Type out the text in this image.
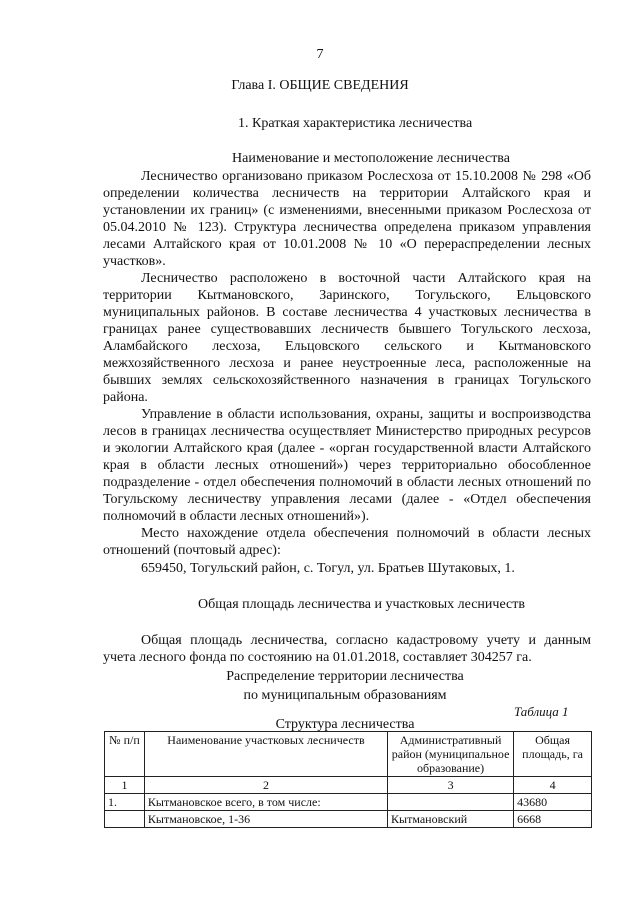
7
Глава I. ОБЩИЕ СВЕДЕНИЯ
1. Краткая характеристика лесничества
Наименование и местоположение лесничества

Лесничество организовано приказом Рослесхоза от 15.10.2008 № 298 «Об определении количества лесничеств на территории Алтайского края и установлении их границ» (с изменениями, внесенными приказом Рослесхоза от 05.04.2010 № 123). Структура лесничества определена приказом управления лесами Алтайского края от 10.01.2008 № 10 «О перераспределении лесных участков».

Лесничество расположено в восточной части Алтайского края на территории Кытмановского, Заринского, Тогульского, Ельцовского муниципальных районов. В составе лесничества 4 участковых лесничества в границах ранее существовавших лесничеств бывшего Тогульского лесхоза, Аламбайского лесхоза, Ельцовского сельского и Кытмановского межхозяйственного лесхоза и ранее неустроенные леса, расположенные на бывших землях сельскохозяйственного назначения в границах Тогульского района.

Управление в области использования, охраны, защиты и воспроизводства лесов в границах лесничества осуществляет Министерство природных ресурсов и экологии Алтайского края (далее - «орган государственной власти Алтайского края в области лесных отношений») через территориально обособленное подразделение - отдел обеспечения полномочий в области лесных отношений по Тогульскому лесничеству управления лесами (далее - «Отдел обеспечения полномочий в области лесных отношений»).

Место нахождение отдела обеспечения полномочий в области лесных отношений (почтовый адрес):

659450, Тогульский район, с. Тогул, ул. Братьев Шутаковых, 1.
Общая площадь лесничества и участковых лесничеств

Общая площадь лесничества, согласно кадастровому учету и данным учета лесного фонда по состоянию на 01.01.2018, составляет 304257 га.

Распределение территории лесничества
по муниципальным образованиям
Таблица 1
Структура лесничества
№ п/п	Наименование участковых лесничеств	Административный район (муниципальное образование)	Общая площадь, га
1	2	3	4
1.	Кытмановское всего, в том числе:		43680
	Кытмановское, 1-36	Кытмановский	6668
